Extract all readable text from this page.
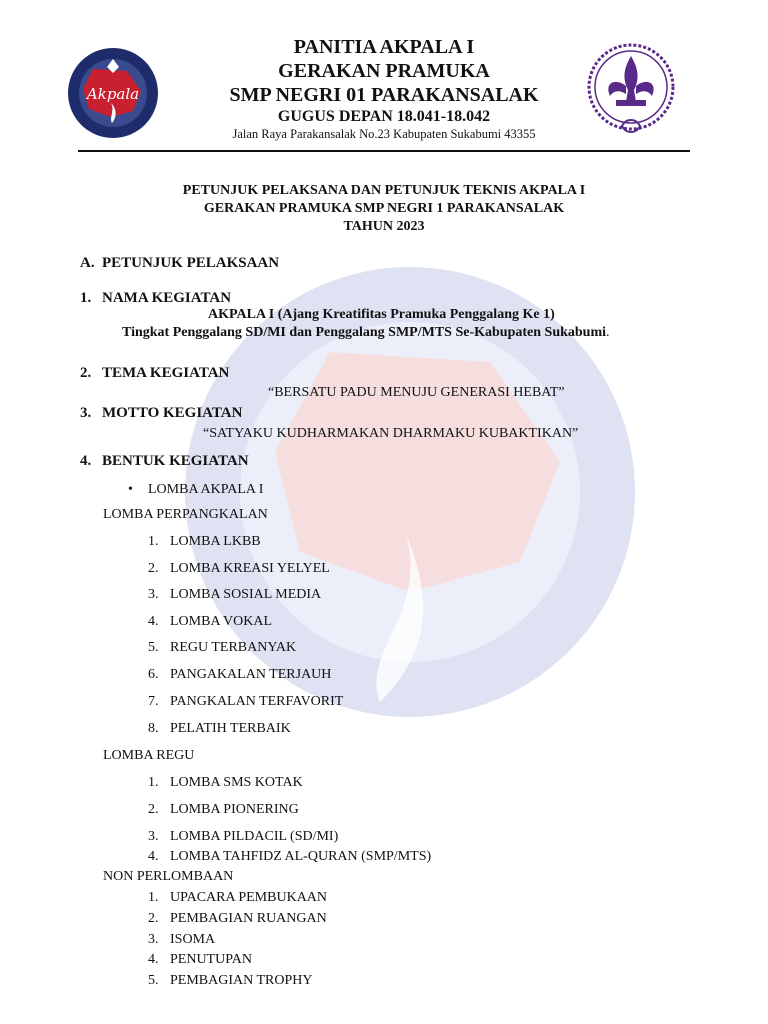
Akpala
PANITIA AKPALA I
GERAKAN PRAMUKA
SMP NEGRI 01 PARAKANSALAK
GUGUS DEPAN 18.041-18.042
Jalan Raya Parakansalak No.23 Kabupaten Sukabumi 43355
PETUNJUK PELAKSANA DAN PETUNJUK TEKNIS AKPALA I
GERAKAN PRAMUKA SMP NEGRI 1 PARAKANSALAK
TAHUN 2023
A. PETUNJUK PELAKSAAN
1. NAMA KEGIATAN
AKPALA I (Ajang Kreatifitas Pramuka Penggalang Ke 1)
Tingkat Penggalang SD/MI dan Penggalang SMP/MTS Se-Kabupaten Sukabumi.
2. TEMA KEGIATAN
“BERSATU PADU MENUJU GENERASI HEBAT”
3. MOTTO KEGIATAN
“SATYAKU KUDHARMAKAN DHARMAKU KUBAKTIKAN”
4. BENTUK KEGIATAN
• LOMBA AKPALA I
LOMBA PERPANGKALAN
1. LOMBA LKBB
2. LOMBA KREASI YELYEL
3. LOMBA SOSIAL MEDIA
4. LOMBA VOKAL
5. REGU TERBANYAK
6. PANGAKALAN TERJAUH
7. PANGKALAN TERFAVORIT
8. PELATIH TERBAIK
LOMBA REGU
1. LOMBA SMS KOTAK
2. LOMBA PIONERING
3. LOMBA PILDACIL (SD/MI)
4. LOMBA TAHFIDZ AL-QURAN (SMP/MTS)
NON PERLOMBAAN
1. UPACARA PEMBUKAAN
2. PEMBAGIAN RUANGAN
3. ISOMA
4. PENUTUPAN
5. PEMBAGIAN TROPHY
